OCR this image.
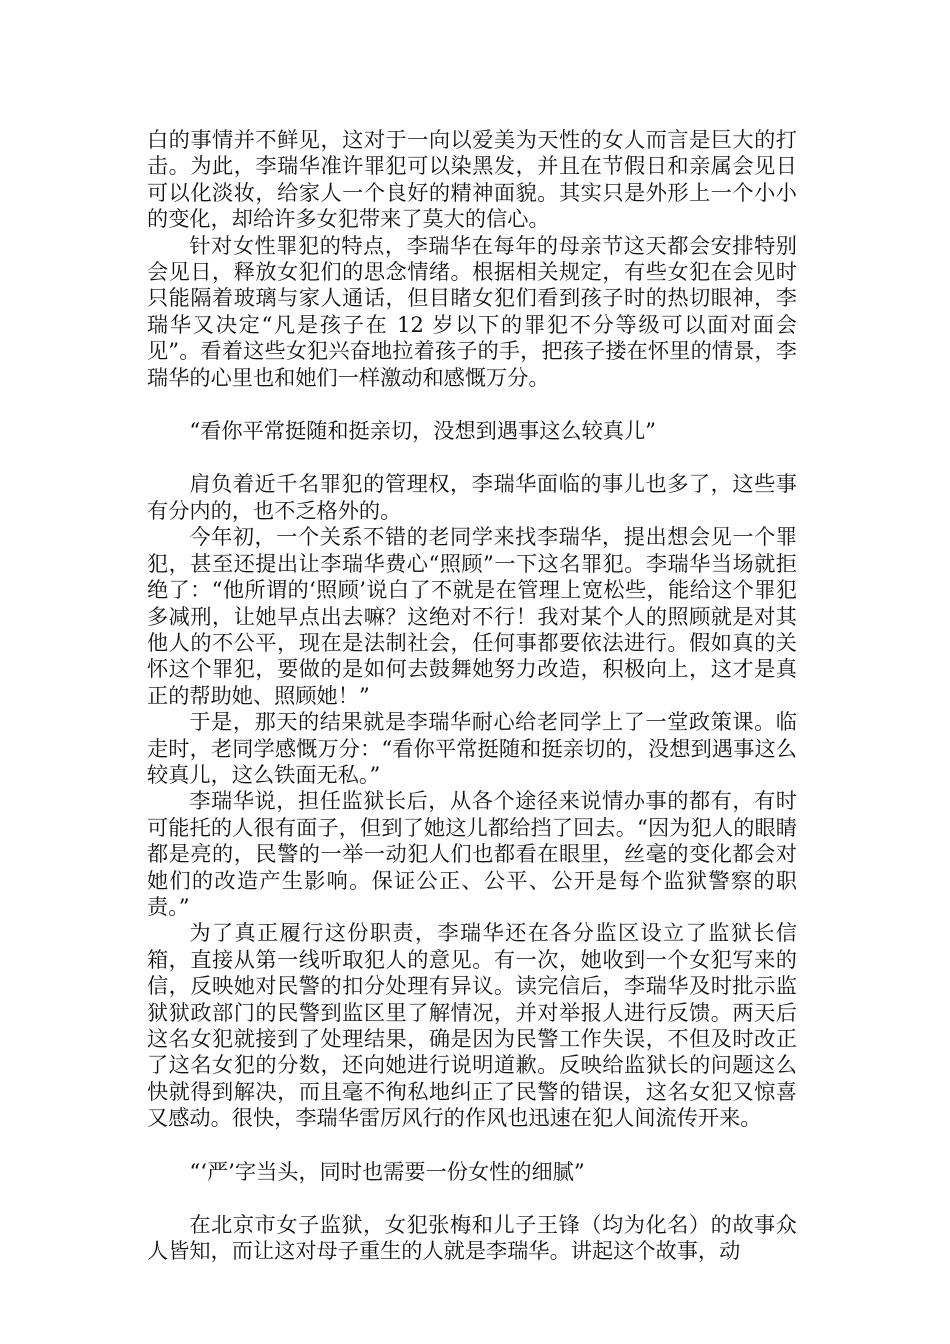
白的事情并不鲜见，这对于一向以爱美为天性的女人而言是巨大的打击。为此，李瑞华准许罪犯可以染黑发，并且在节假日和亲属会见日可以化淡妆，给家人一个良好的精神面貌。其实只是外形上一个小小的变化，却给许多女犯带来了莫大的信心。

针对女性罪犯的特点，李瑞华在每年的母亲节这天都会安排特别会见日，释放女犯们的思念情绪。根据相关规定，有些女犯在会见时只能隔着玻璃与家人通话，但目睹女犯们看到孩子时的热切眼神，李瑞华又决定“凡是孩子在 12 岁以下的罪犯不分等级可以面对面会见”。看着这些女犯兴奋地拉着孩子的手，把孩子搂在怀里的情景，李瑞华的心里也和她们一样激动和感慨万分。

“看你平常挺随和挺亲切，没想到遇事这么较真儿”

肩负着近千名罪犯的管理权，李瑞华面临的事儿也多了，这些事有分内的，也不乏格外的。

今年初，一个关系不错的老同学来找李瑞华，提出想会见一个罪犯，甚至还提出让李瑞华费心“照顾”一下这名罪犯。李瑞华当场就拒绝了：“他所谓的‘照顾’说白了不就是在管理上宽松些，能给这个罪犯多减刑，让她早点出去嘛？这绝对不行！我对某个人的照顾就是对其他人的不公平，现在是法制社会，任何事都要依法进行。假如真的关怀这个罪犯，要做的是如何去鼓舞她努力改造，积极向上，这才是真正的帮助她、照顾她！”

于是，那天的结果就是李瑞华耐心给老同学上了一堂政策课。临走时，老同学感慨万分：“看你平常挺随和挺亲切的，没想到遇事这么较真儿，这么铁面无私。”

李瑞华说，担任监狱长后，从各个途径来说情办事的都有，有时可能托的人很有面子，但到了她这儿都给挡了回去。“因为犯人的眼睛都是亮的，民警的一举一动犯人们也都看在眼里，丝毫的变化都会对她们的改造产生影响。保证公正、公平、公开是每个监狱警察的职责。”

为了真正履行这份职责，李瑞华还在各分监区设立了监狱长信箱，直接从第一线听取犯人的意见。有一次，她收到一个女犯写来的信，反映她对民警的扣分处理有异议。读完信后，李瑞华及时批示监狱狱政部门的民警到监区里了解情况，并对举报人进行反馈。两天后这名女犯就接到了处理结果，确是因为民警工作失误，不但及时改正了这名女犯的分数，还向她进行说明道歉。反映给监狱长的问题这么快就得到解决，而且毫不徇私地纠正了民警的错误，这名女犯又惊喜又感动。很快，李瑞华雷厉风行的作风也迅速在犯人间流传开来。

“‘严’字当头，同时也需要一份女性的细腻”

在北京市女子监狱，女犯张梅和儿子王锋（均为化名）的故事众人皆知，而让这对母子重生的人就是李瑞华。讲起这个故事，动
